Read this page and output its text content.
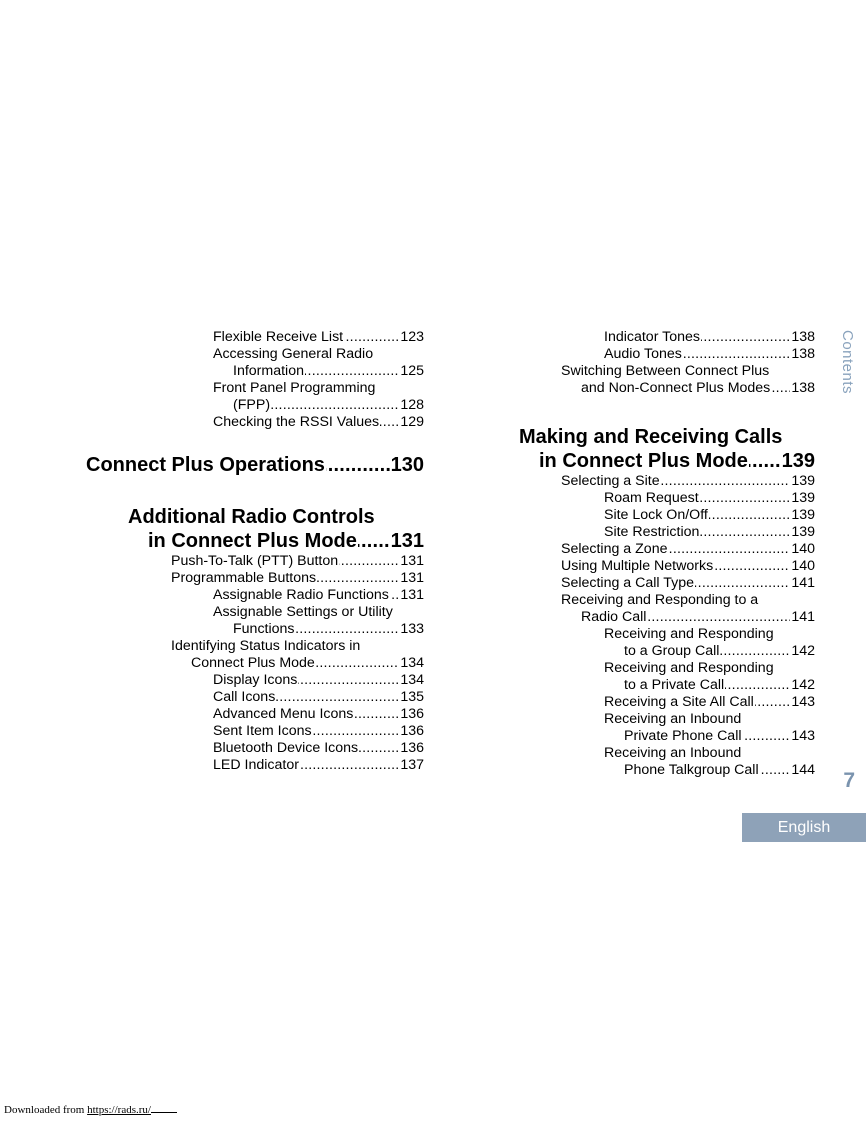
Flexible Receive List	123
.....
Accessing General Radio
Information	125
.....
Front Panel Programming
(FPP)	128
.....
Checking the RSSI Values 129
.....
Connect Plus Operations	130
.....
Additional Radio Controls
in Connect Plus Mode 131
.....
Push-To-Talk (PTT) Button	131
.....
Programmable Buttons	131
.....
Assignable Radio Functions 131
.....
Assignable Settings or Utility
Functions	133
.....
Identifying Status Indicators in
Connect Plus Mode	134
.....
Display Icons	134
.....
Call Icons	135
.....
Advanced Menu Icons	136
.....
Sent Item Icons	136
.....
Bluetooth Device Icons	136
.....
LED Indicator	137
.....
Indicator Tones	138
.....
Audio Tones	138
.....
Switching Between Connect Plus
and Non-Connect Plus Modes 138
.....
Making and Receiving Calls
in Connect Plus Mode 139
.....
Selecting a Site	139
.....
Roam Request	139
.....
Site Lock On/Off	139
.....
Site Restriction	139
.....
Selecting a Zone	140
.....
Using Multiple Networks	140
.....
Selecting a Call Type	141
.....
Receiving and Responding to a
Radio Call	141
.....
Receiving and Responding
to a Group Call	142
.....
Receiving and Responding
to a Private Call	142
.....
Receiving a Site All Call	143
.....
Receiving an Inbound
Private Phone Call	143
.....
Receiving an Inbound
Phone Talkgroup Call 144
.....
Contents
7
English
Downloaded from https://rads.ru/
